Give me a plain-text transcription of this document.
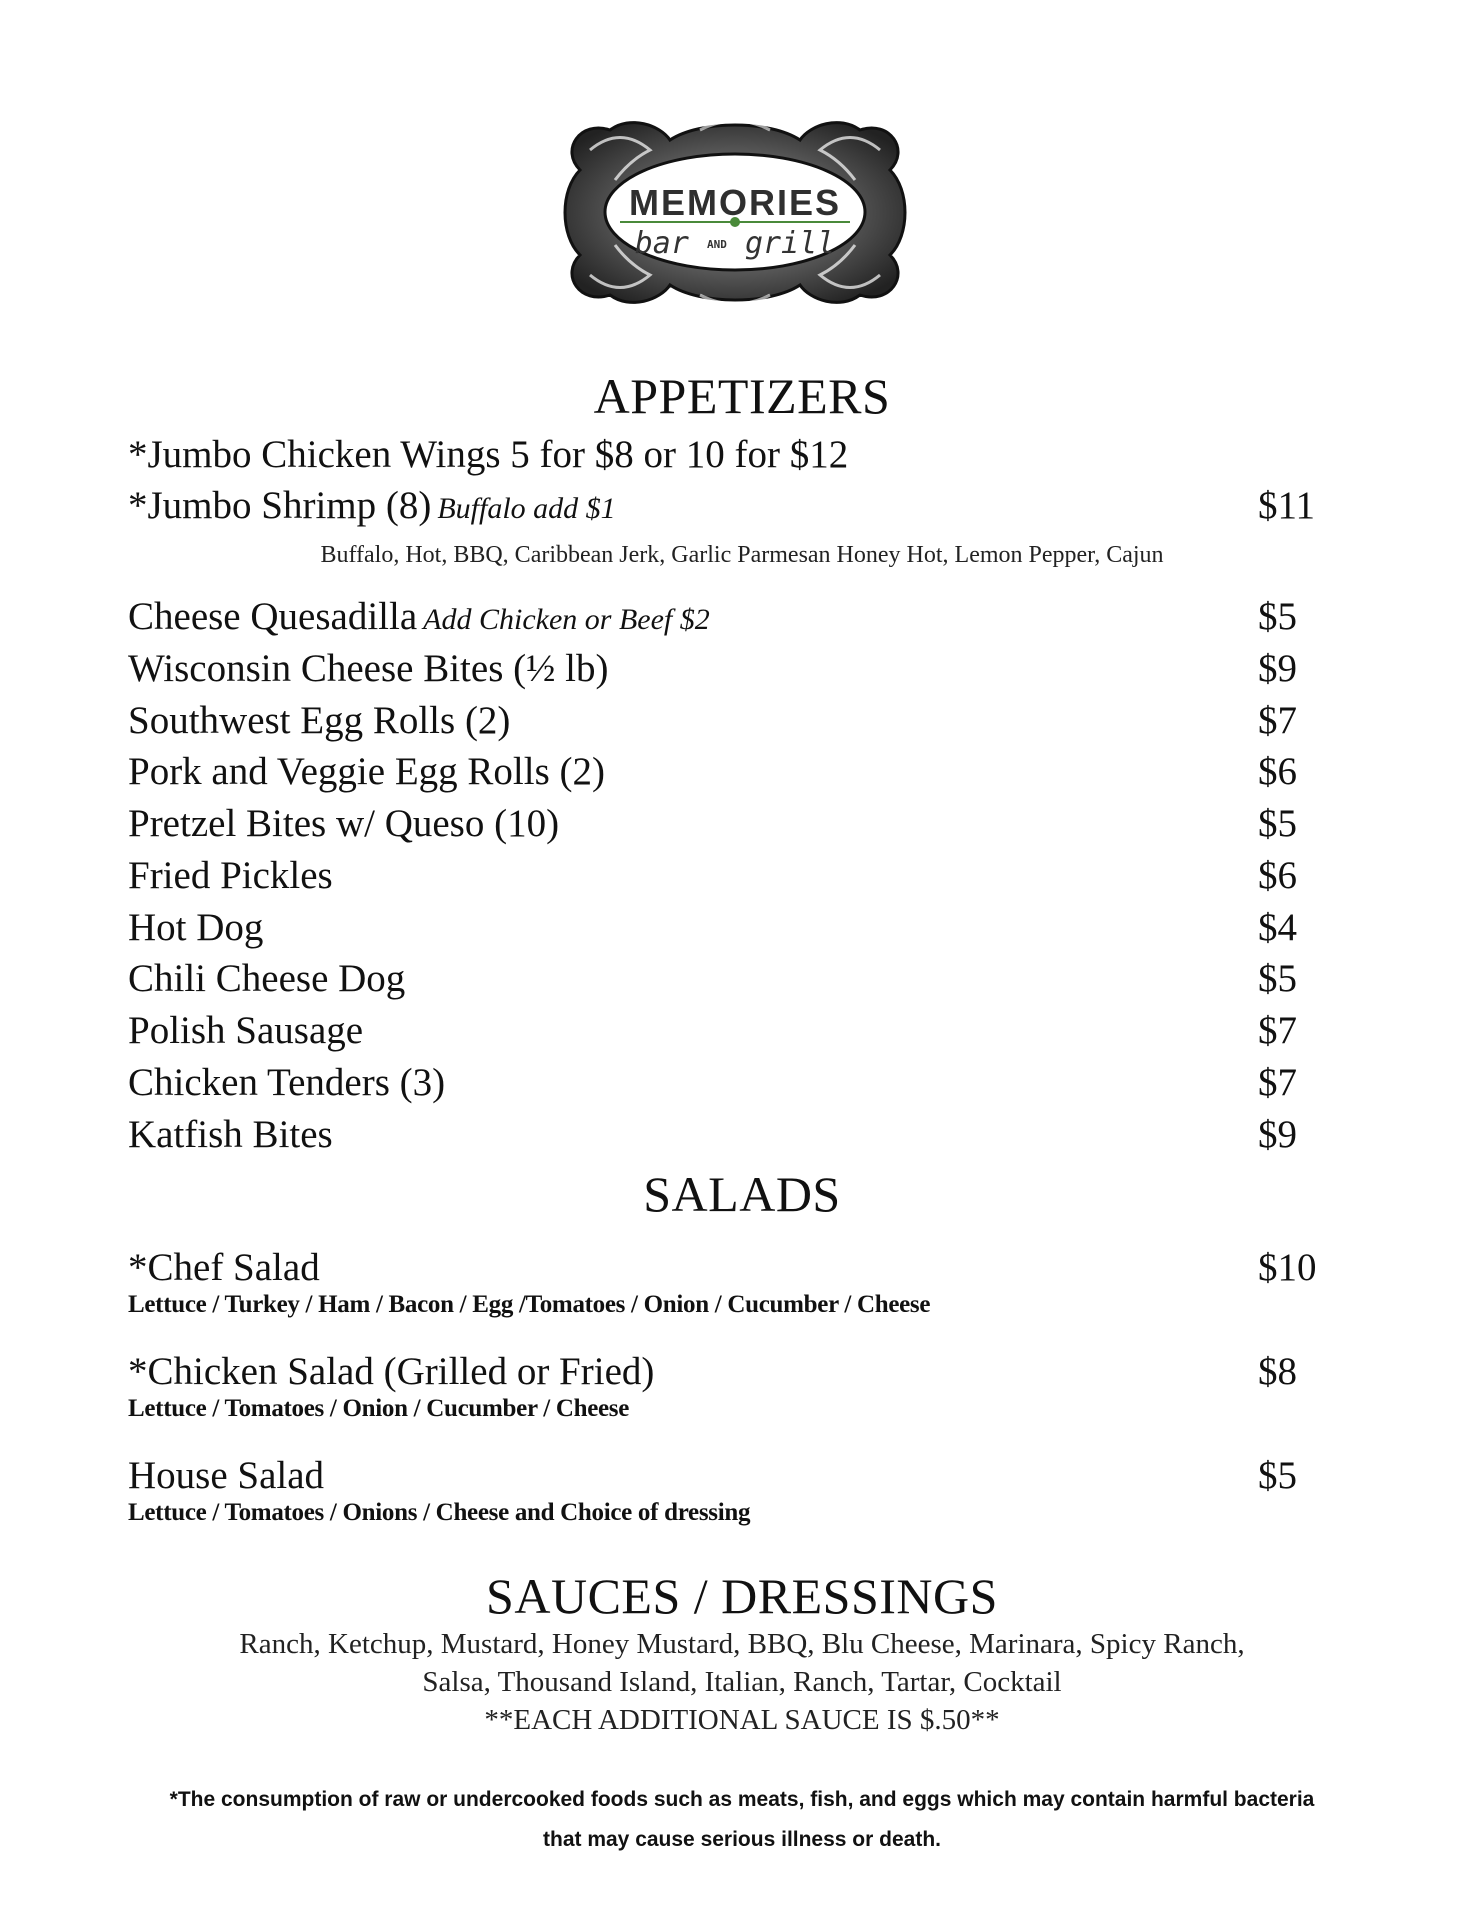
MEMORIES
bar AND grill
APPETIZERS
*Jumbo Chicken Wings 5 for $8 or 10 for $12
*Jumbo Shrimp (8) Buffalo add $1	$11
Buffalo, Hot, BBQ, Caribbean Jerk, Garlic Parmesan Honey Hot, Lemon Pepper, Cajun
Cheese Quesadilla Add Chicken or Beef $2	$5
Wisconsin Cheese Bites (½ lb)	$9
Southwest Egg Rolls (2)	$7
Pork and Veggie Egg Rolls (2)	$6
Pretzel Bites w/ Queso (10)	$5
Fried Pickles	$6
Hot Dog	$4
Chili Cheese Dog	$5
Polish Sausage	$7
Chicken Tenders (3)	$7
Katfish Bites	$9
SALADS
*Chef Salad	$10
Lettuce / Turkey / Ham / Bacon / Egg /Tomatoes / Onion / Cucumber / Cheese
*Chicken Salad (Grilled or Fried)	$8
Lettuce / Tomatoes / Onion / Cucumber / Cheese
House Salad	$5
Lettuce / Tomatoes / Onions / Cheese and Choice of dressing
SAUCES / DRESSINGS
Ranch, Ketchup, Mustard, Honey Mustard, BBQ, Blu Cheese, Marinara, Spicy Ranch,
Salsa, Thousand Island, Italian, Ranch, Tartar, Cocktail
**EACH ADDITIONAL SAUCE IS $.50**
*The consumption of raw or undercooked foods such as meats, fish, and eggs which may contain harmful bacteria
that may cause serious illness or death.
